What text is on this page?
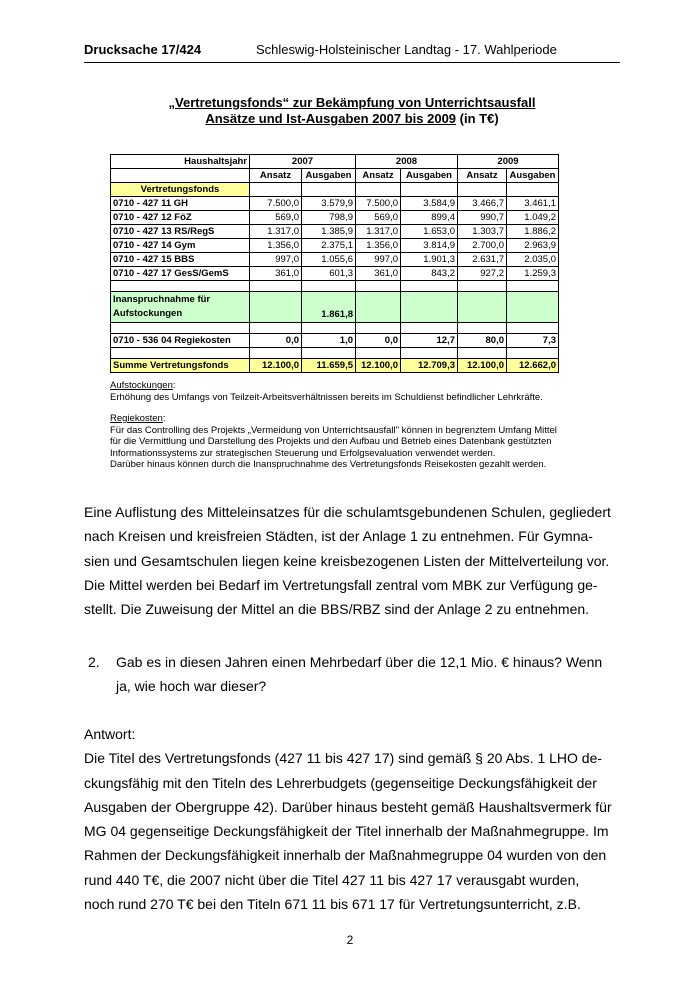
Drucksache 17/424	Schleswig-Holsteinischer Landtag - 17. Wahlperiode
„Vertretungsfonds“ zur Bekämpfung von Unterrichtsausfall
Ansätze und Ist-Ausgaben 2007 bis 2009 (in T€)
Haushaltsjahr	2007		2008		2009	
	Ansatz	Ausgaben	Ansatz	Ausgaben	Ansatz	Ausgaben
Vertretungsfonds						
0710 - 427 11 GH	7.500,0	3.579,9	7.500,0	3.584,9	3.466,7	3.461,1
0710 - 427 12 FöZ	569,0	798,9	569,0	899,4	990,7	1.049,2
0710 - 427 13 RS/RegS	1.317,0	1.385,9	1.317,0	1.653,0	1.303,7	1.886,2
0710 - 427 14 Gym	1.356,0	2.375,1	1.356,0	3.814,9	2.700,0	2.963,9
0710 - 427 15 BBS	997,0	1.055,6	997,0	1.901,3	2.631,7	2.035,0
0710 - 427 17 GesS/GemS	361,0	601,3	361,0	843,2	927,2	1.259,3

Inanspruchnahme für
Aufstockungen		1.861,8				

0710 - 536 04 Regiekosten	0,0	1,0	0,0	12,7	80,0	7,3

Summe Vertretungsfonds	12.100,0	11.659,5	12.100,0	12.709,3	12.100,0	12.662,0

Aufstockungen:

Erhöhung des Umfangs von Teilzeit-Arbeitsverhältnissen bereits im Schuldienst befindlicher Lehrkräfte.

Regiekosten:

Für das Controlling des Projekts „Vermeidung von Unterrichtsausfall" können in begrenztem Umfang Mittel

für die Vermittlung und Darstellung des Projekts und den Aufbau und Betrieb eines Datenbank gestützten

Informationssystems zur strategischen Steuerung und Erfolgsevaluation verwendet werden.

Darüber hinaus können durch die Inanspruchnahme des Vertretungsfonds Reisekosten gezahlt werden.

Eine Auflistung des Mitteleinsatzes für die schulamtsgebundenen Schulen, gegliedert
nach Kreisen und kreisfreien Städten, ist der Anlage 1 zu entnehmen. Für Gymna-
sien und Gesamtschulen liegen keine kreisbezogenen Listen der Mittelverteilung vor.
Die Mittel werden bei Bedarf im Vertretungsfall zentral vom MBK zur Verfügung ge-
stellt. Die Zuweisung der Mittel an die BBS/RBZ sind der Anlage 2 zu entnehmen.
2. Gab es in diesen Jahren einen Mehrbedarf über die 12,1 Mio. € hinaus? Wenn
ja, wie hoch war dieser?
Antwort:
Die Titel des Vertretungsfonds (427 11 bis 427 17) sind gemäß § 20 Abs. 1 LHO de-
ckungsfähig mit den Titeln des Lehrerbudgets (gegenseitige Deckungsfähigkeit der
Ausgaben der Obergruppe 42). Darüber hinaus besteht gemäß Haushaltsvermerk für
MG 04 gegenseitige Deckungsfähigkeit der Titel innerhalb der Maßnahmegruppe. Im
Rahmen der Deckungsfähigkeit innerhalb der Maßnahmegruppe 04 wurden von den
rund 440 T€, die 2007 nicht über die Titel 427 11 bis 427 17 verausgabt wurden,
noch rund 270 T€ bei den Titeln 671 11 bis 671 17 für Vertretungsunterricht, z.B.
2
